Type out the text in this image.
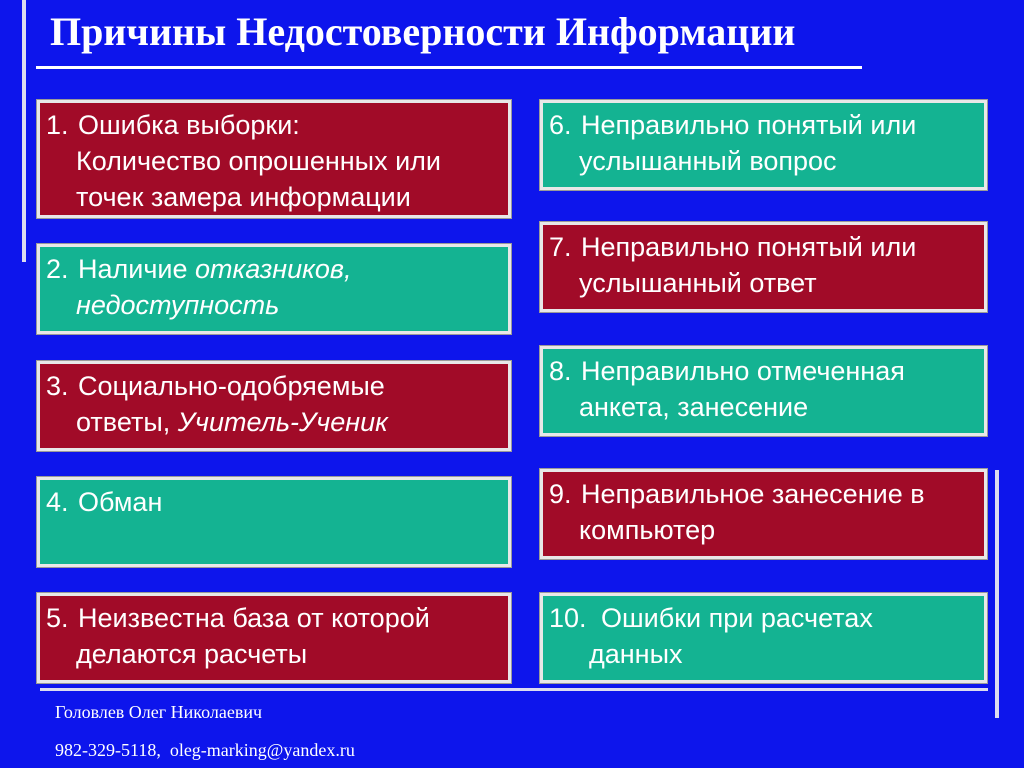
Причины Недостоверности Информации
1. Ошибка выборки:
Количество опрошенных или
точек замера информации
2. Наличие отказников,
недоступность
3. Социально-одобряемые
ответы, Учитель-Ученик
4. Обман
5. Неизвестна база от которой
делаются расчеты
6. Неправильно понятый или
услышанный вопрос
7. Неправильно понятый или
услышанный ответ
8. Неправильно отмеченная
анкета, занесение
9. Неправильное занесение в
компьютер
10. Ошибки при расчетах
данных
Головлев Олег Николаевич
982-329-5118,  oleg-marking@yandex.ru
